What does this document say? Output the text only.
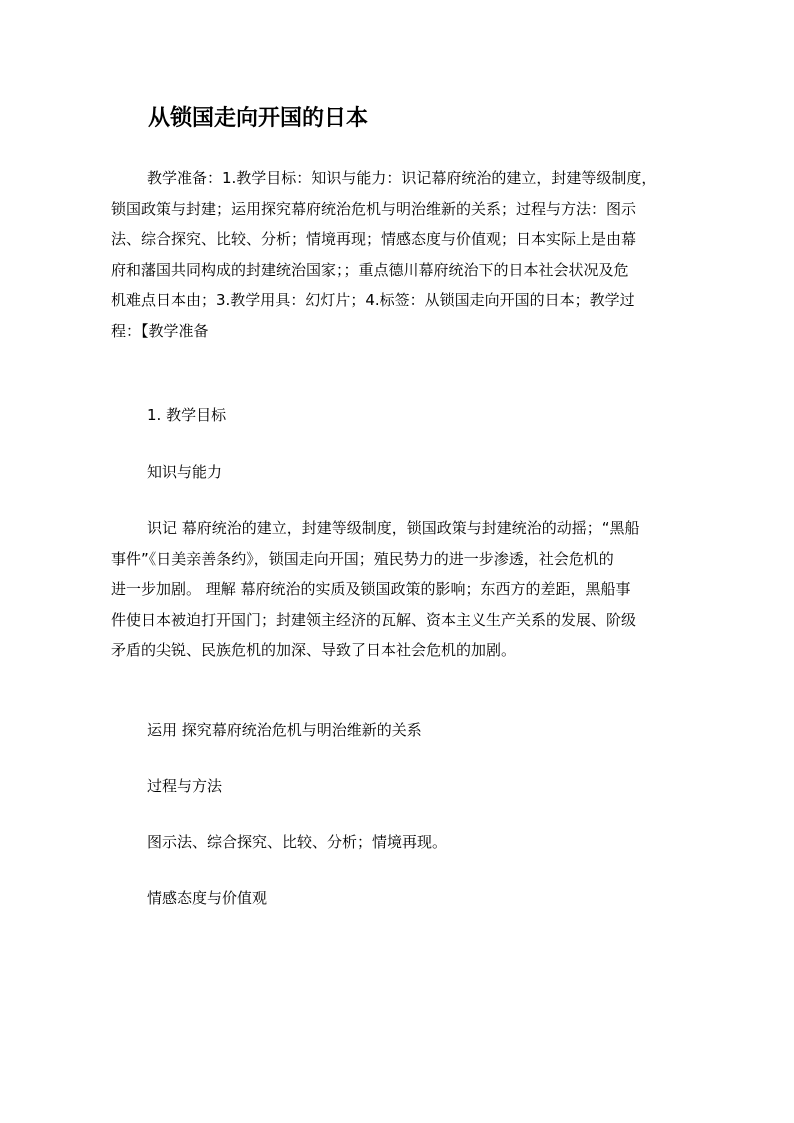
从锁国走向开国的日本

教学准备：1.教学目标：知识与能力：识记幕府统治的建立，封建等级制度，
锁国政策与封建；运用探究幕府统治危机与明治维新的关系；过程与方法：图示
法、综合探究、比较、分析；情境再现；情感态度与价值观；日本实际上是由幕
府和藩国共同构成的封建统治国家；；重点德川幕府统治下的日本社会状况及危
机难点日本由；3.教学用具：幻灯片；4.标签：从锁国走向开国的日本；教学过
程：【教学准备

1. 教学目标

知识与能力

识记 幕府统治的建立，封建等级制度，锁国政策与封建统治的动摇；“黑船
事件”《日美亲善条约》，锁国走向开国；殖民势力的进一步渗透，社会危机的
进一步加剧。 理解 幕府统治的实质及锁国政策的影响；东西方的差距，黑船事
件使日本被迫打开国门；封建领主经济的瓦解、资本主义生产关系的发展、阶级
矛盾的尖锐、民族危机的加深、导致了日本社会危机的加剧。

运用 探究幕府统治危机与明治维新的关系

过程与方法

图示法、综合探究、比较、分析；情境再现。

情感态度与价值观
